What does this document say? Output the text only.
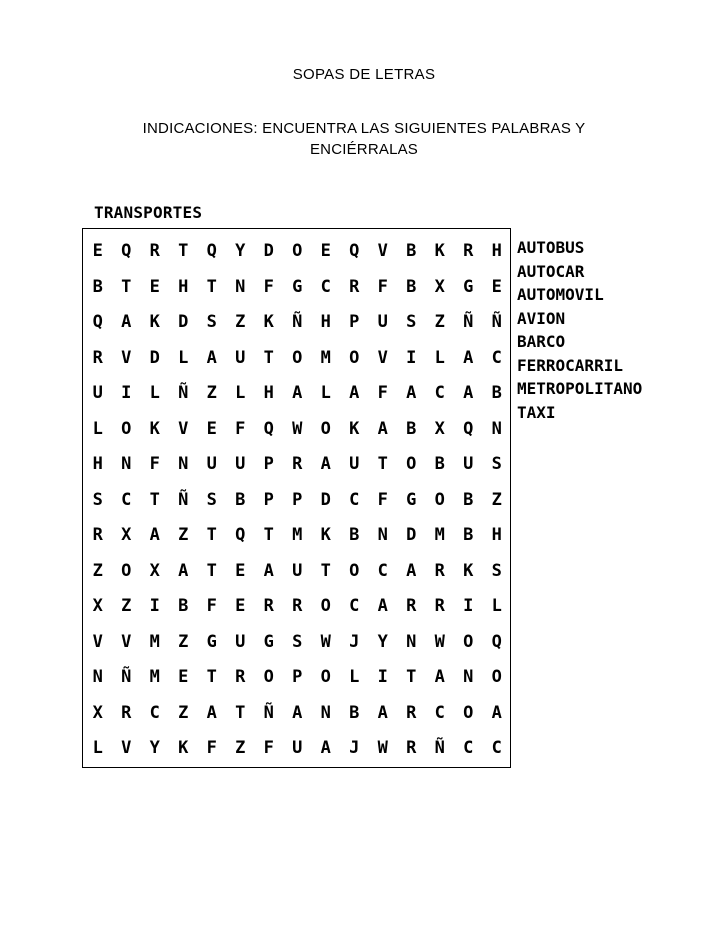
SOPAS DE LETRAS
INDICACIONES: ENCUENTRA LAS SIGUIENTES PALABRAS Y
ENCIÉRRALAS
TRANSPORTES
E	Q	R	T	Q	Y	D	O	E	Q	V	B	K	R	H
B	T	E	H	T	N	F	G	C	R	F	B	X	G	E
Q	A	K	D	S	Z	K	Ñ	H	P	U	S	Z	Ñ	Ñ
R	V	D	L	A	U	T	O	M	O	V	I	L	A	C
U	I	L	Ñ	Z	L	H	A	L	A	F	A	C	A	B
L	O	K	V	E	F	Q	W	O	K	A	B	X	Q	N
H	N	F	N	U	U	P	R	A	U	T	O	B	U	S
S	C	T	Ñ	S	B	P	P	D	C	F	G	O	B	Z
R	X	A	Z	T	Q	T	M	K	B	N	D	M	B	H
Z	O	X	A	T	E	A	U	T	O	C	A	R	K	S
X	Z	I	B	F	E	R	R	O	C	A	R	R	I	L
V	V	M	Z	G	U	G	S	W	J	Y	N	W	O	Q
N	Ñ	M	E	T	R	O	P	O	L	I	T	A	N	O
X	R	C	Z	A	T	Ñ	A	N	B	A	R	C	O	A
L	V	Y	K	F	Z	F	U	A	J	W	R	Ñ	C	C
AUTOBUS
AUTOCAR
AUTOMOVIL
AVION
BARCO
FERROCARRIL
METROPOLITANO
TAXI
